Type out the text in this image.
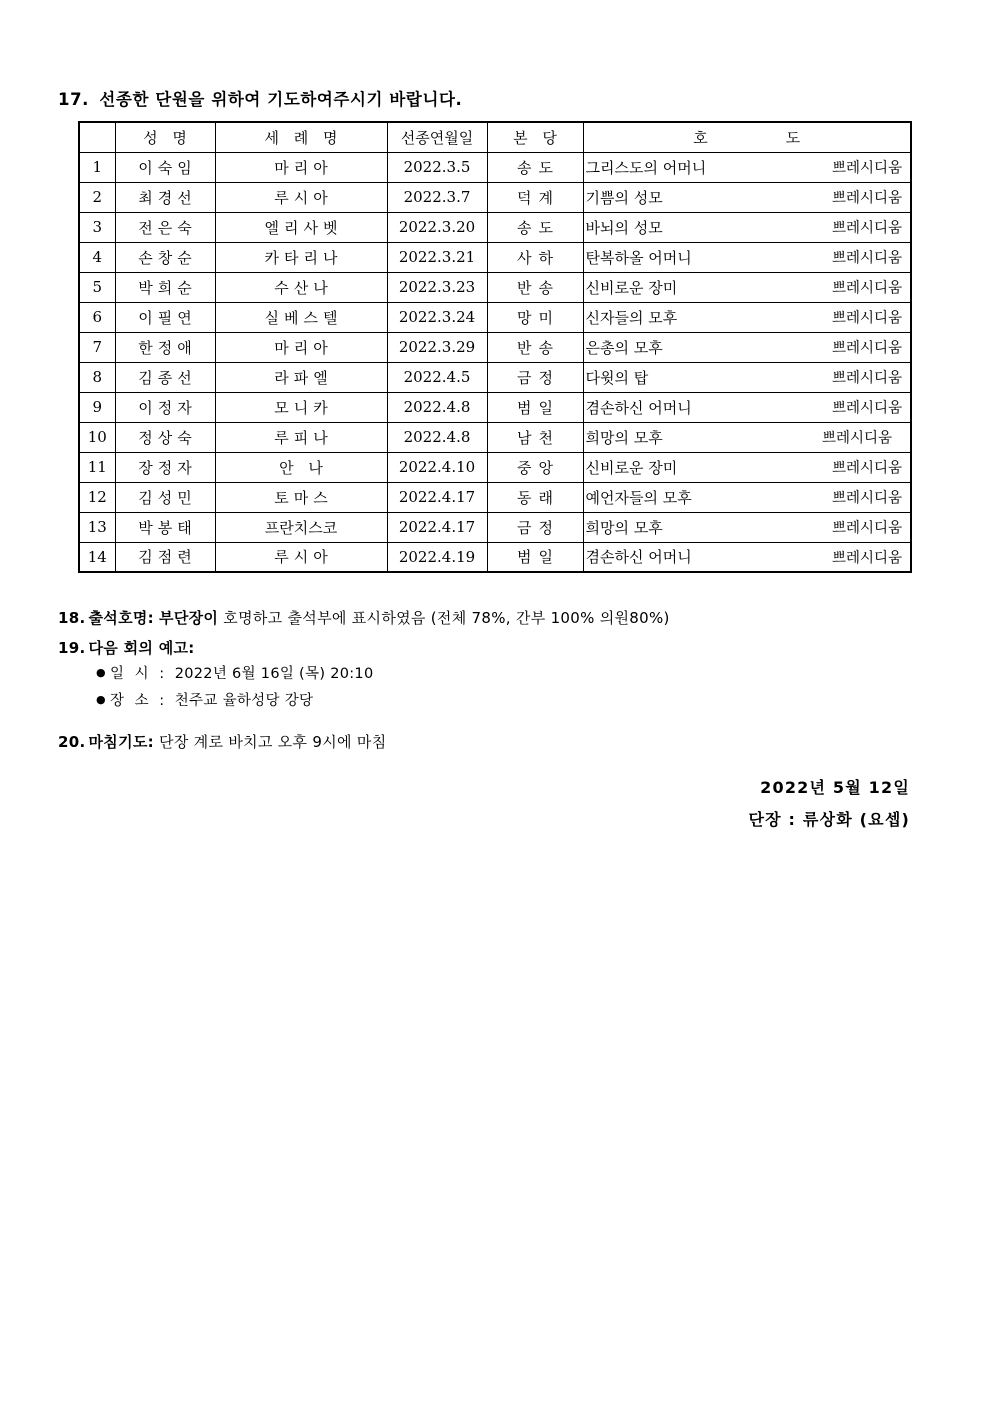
17. 선종한 단원을 위하여 기도하여주시기 바랍니다.
	성 명	세 례 명	선종연월일	본 당	호 도

1	이숙임	마리아	2022.3.5	송도	그리스도의 어머니 쁘레시디움

2	최경선	루시아	2022.3.7	덕계	기쁨의 성모 쁘레시디움

3	전은숙	엘리사벳	2022.3.20	송도	바뇌의 성모 쁘레시디움

4	손창순	카타리나	2022.3.21	사하	탄복하올 어머니 쁘레시디움

5	박희순	수산나	2022.3.23	반송	신비로운 장미 쁘레시디움

6	이필연	실베스텔	2022.3.24	망미	신자들의 모후 쁘레시디움

7	한정애	마리아	2022.3.29	반송	은총의 모후 쁘레시디움

8	김종선	라파엘	2022.4.5	금정	다윗의 탑 쁘레시디움

9	이정자	모니카	2022.4.8	범일	겸손하신 어머니 쁘레시디움

10	정상숙	루피나	2022.4.8	남천	희망의 모후 쁘레시디움

11	장정자	안 나	2022.4.10	중앙	신비로운 장미 쁘레시디움

12	김성민	토마스	2022.4.17	동래	예언자들의 모후 쁘레시디움

13	박봉태	프란치스코	2022.4.17	금정	희망의 모후 쁘레시디움

14	김점련	루시아	2022.4.19	범일	겸손하신 어머니 쁘레시디움
18. 출석호명: 부단장이 호명하고 출석부에 표시하였음 (전체 78%, 간부 100% 의원80%)
19. 다음 회의 예고:
● 일 시 : 2022년 6월 16일 (목) 20:10
● 장 소 : 천주교 율하성당 강당
20. 마침기도: 단장 계로 바치고 오후 9시에 마침
2022년 5월 12일
단장 : 류상화 (요셉)
